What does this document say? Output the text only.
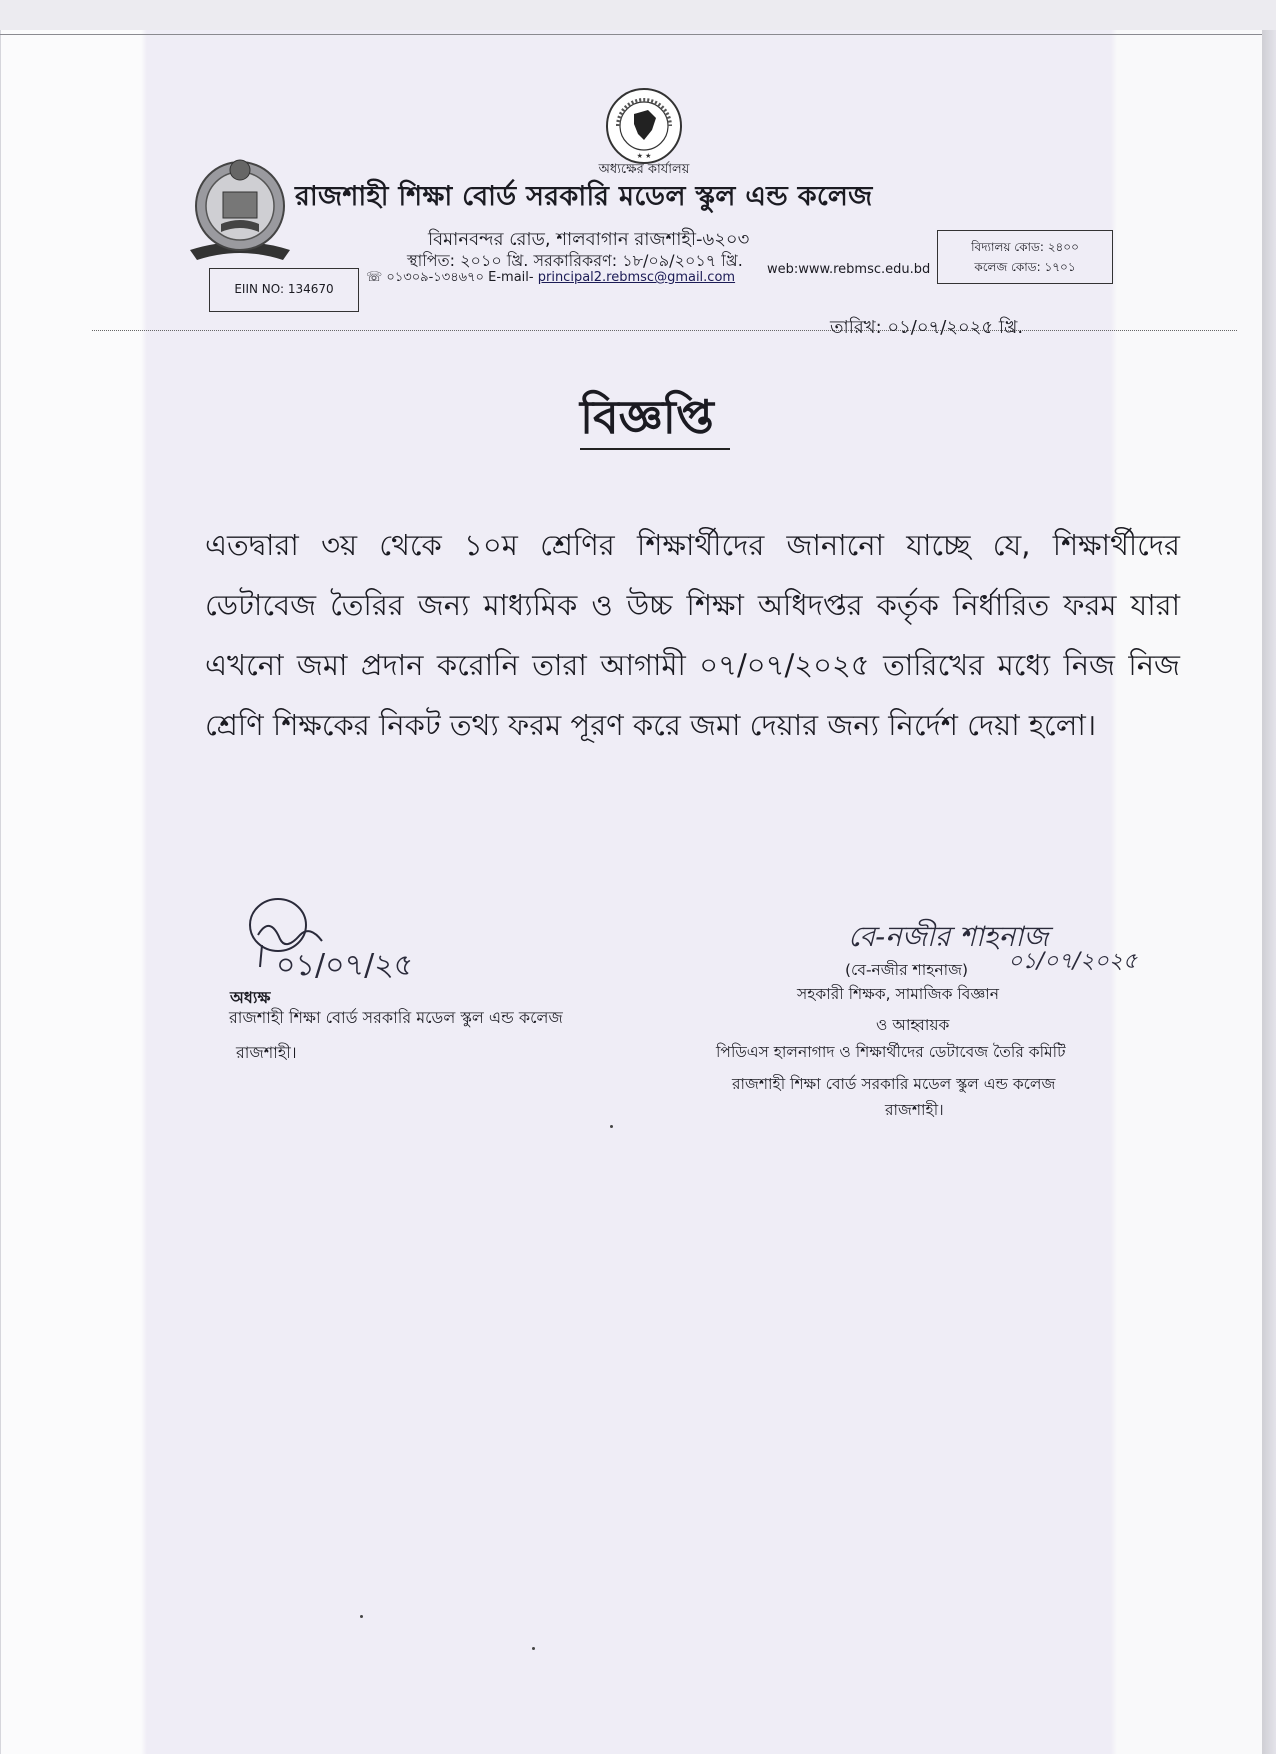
★ ★
অধ্যক্ষের কার্যালয়
রাজশাহী শিক্ষা বোর্ড সরকারি মডেল স্কুল এন্ড কলেজ
বিমানবন্দর রোড, শালবাগান রাজশাহী-৬২০৩
স্থাপিত: ২০১০ খ্রি. সরকারিকরণ: ১৮/০৯/২০১৭ খ্রি.
বিদ্যালয় কোড: ২৪০০
কলেজ কোড: ১৭০১
EIIN NO: 134670
☏ ০১৩০৯-১৩৪৬৭০ E-mail- principal2.rebmsc@gmail.com
web:www.rebmsc.edu.bd
তারিখ: ০১/০৭/২০২৫ খ্রি.
বিজ্ঞপ্তি
এতদ্বারা ৩য় থেকে ১০ম শ্রেণির শিক্ষার্থীদের জানানো যাচ্ছে যে, শিক্ষার্থীদের ডেটাবেজ তৈরির জন্য মাধ্যমিক ও উচ্চ শিক্ষা অধিদপ্তর কর্তৃক নির্ধারিত ফরম যারা এখনো জমা প্রদান করোনি তারা আগামী ০৭/০৭/২০২৫ তারিখের মধ্যে নিজ নিজ শ্রেণি শিক্ষকের নিকট তথ্য ফরম পূরণ করে জমা দেয়ার জন্য নির্দেশ দেয়া হলো।
০১/০৭/২৫
অধ্যক্ষ
রাজশাহী শিক্ষা বোর্ড সরকারি মডেল স্কুল এন্ড কলেজ
রাজশাহী।
বে-নজীর শাহনাজ
০১/০৭/২০২৫
(বে-নজীর শাহনাজ)
সহকারী শিক্ষক, সামাজিক বিজ্ঞান
ও আহ্বায়ক
পিডিএস হালনাগাদ ও শিক্ষার্থীদের ডেটাবেজ তৈরি কমিটি
রাজশাহী শিক্ষা বোর্ড সরকারি মডেল স্কুল এন্ড কলেজ
রাজশাহী।
